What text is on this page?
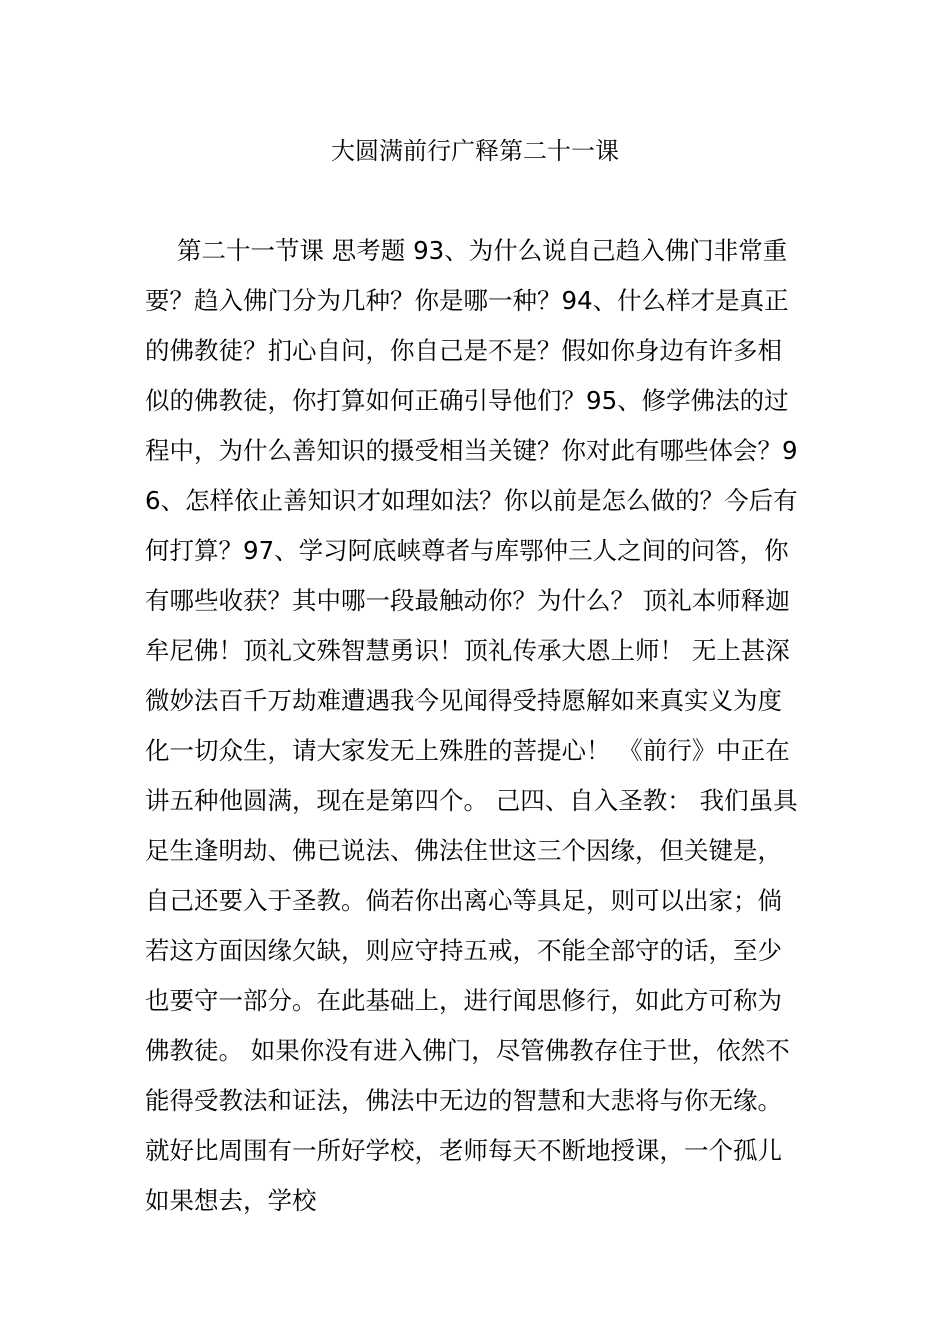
大圆满前行广释第二十一课

第二十一节课 思考题 93、为什么说自己趋入佛门非常重要？趋入佛门分为几种？你是哪一种？94、什么样才是真正的佛教徒？扪心自问，你自己是不是？假如你身边有许多相似的佛教徒，你打算如何正确引导他们？95、修学佛法的过程中，为什么善知识的摄受相当关键？你对此有哪些体会？96、怎样依止善知识才如理如法？你以前是怎么做的？今后有何打算？97、学习阿底峡尊者与库鄂仲三人之间的问答，你有哪些收获？其中哪一段最触动你？为什么？ 顶礼本师释迦牟尼佛！顶礼文殊智慧勇识！顶礼传承大恩上师！ 无上甚深微妙法百千万劫难遭遇我今见闻得受持愿解如来真实义为度化一切众生，请大家发无上殊胜的菩提心！ 《前行》中正在讲五种他圆满，现在是第四个。 己四、自入圣教： 我们虽具足生逢明劫、佛已说法、佛法住世这三个因缘，但关键是，自己还要入于圣教。倘若你出离心等具足，则可以出家；倘若这方面因缘欠缺，则应守持五戒，不能全部守的话，至少也要守一部分。在此基础上，进行闻思修行，如此方可称为佛教徒。 如果你没有进入佛门，尽管佛教存住于世，依然不能得受教法和证法，佛法中无边的智慧和大悲将与你无缘。就好比周围有一所好学校，老师每天不断地授课，一个孤儿如果想去，学校
